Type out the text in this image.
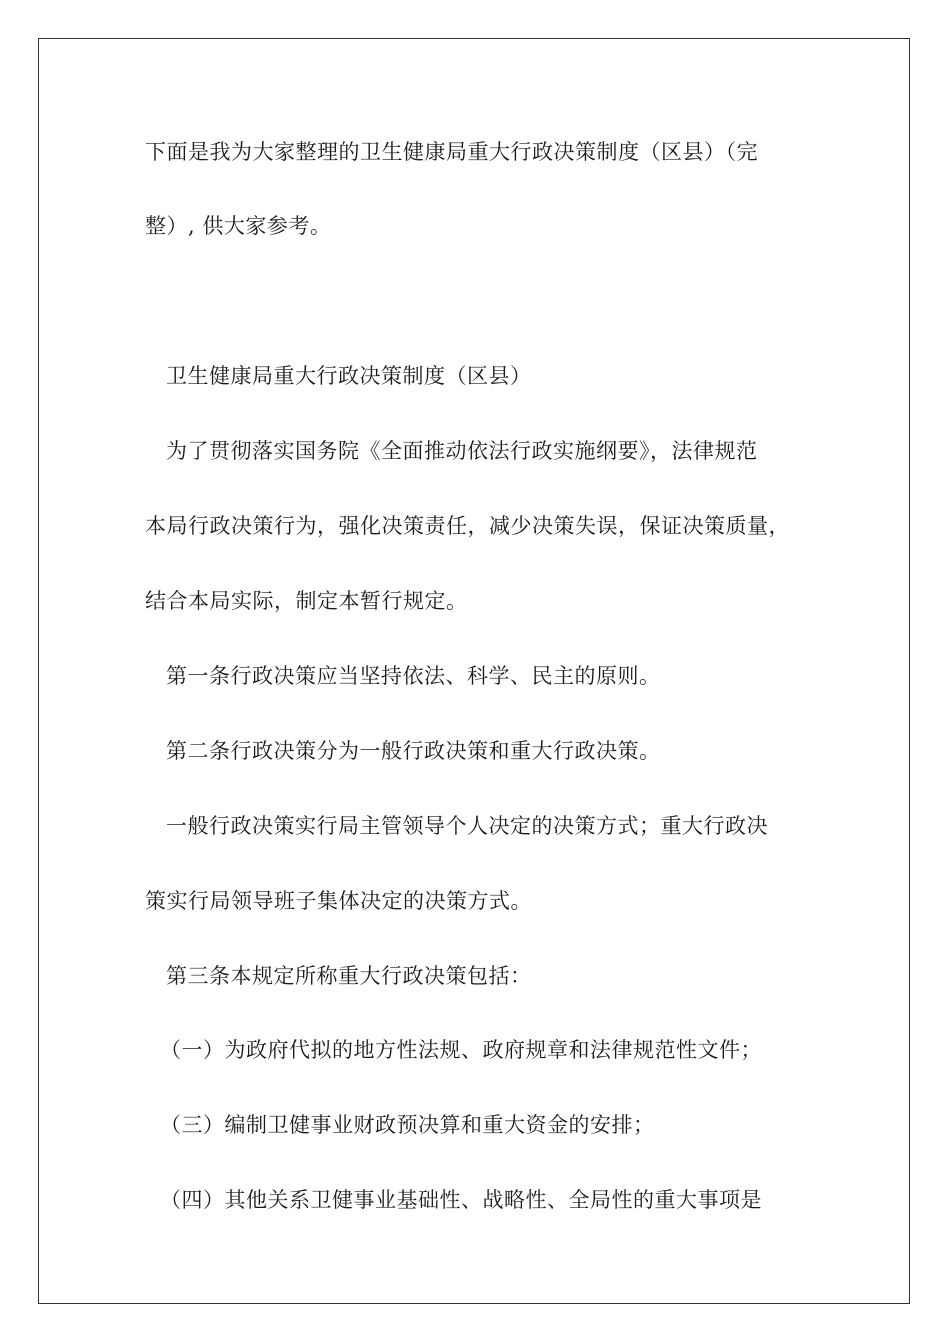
下面是我为大家整理的卫生健康局重大行政决策制度（区县）（完
整）, 供大家参考。
卫生健康局重大行政决策制度（区县）
为了贯彻落实国务院《全面推动依法行政实施纲要》，法律规范
本局行政决策行为，强化决策责任，减少决策失误，保证决策质量，
结合本局实际，制定本暂行规定。
第一条行政决策应当坚持依法、科学、民主的原则。
第二条行政决策分为一般行政决策和重大行政决策。
一般行政决策实行局主管领导个人决定的决策方式；重大行政决
策实行局领导班子集体决定的决策方式。
第三条本规定所称重大行政决策包括：
（一）为政府代拟的地方性法规、政府规章和法律规范性文件；
（三）编制卫健事业财政预决算和重大资金的安排；
（四）其他关系卫健事业基础性、战略性、全局性的重大事项是
